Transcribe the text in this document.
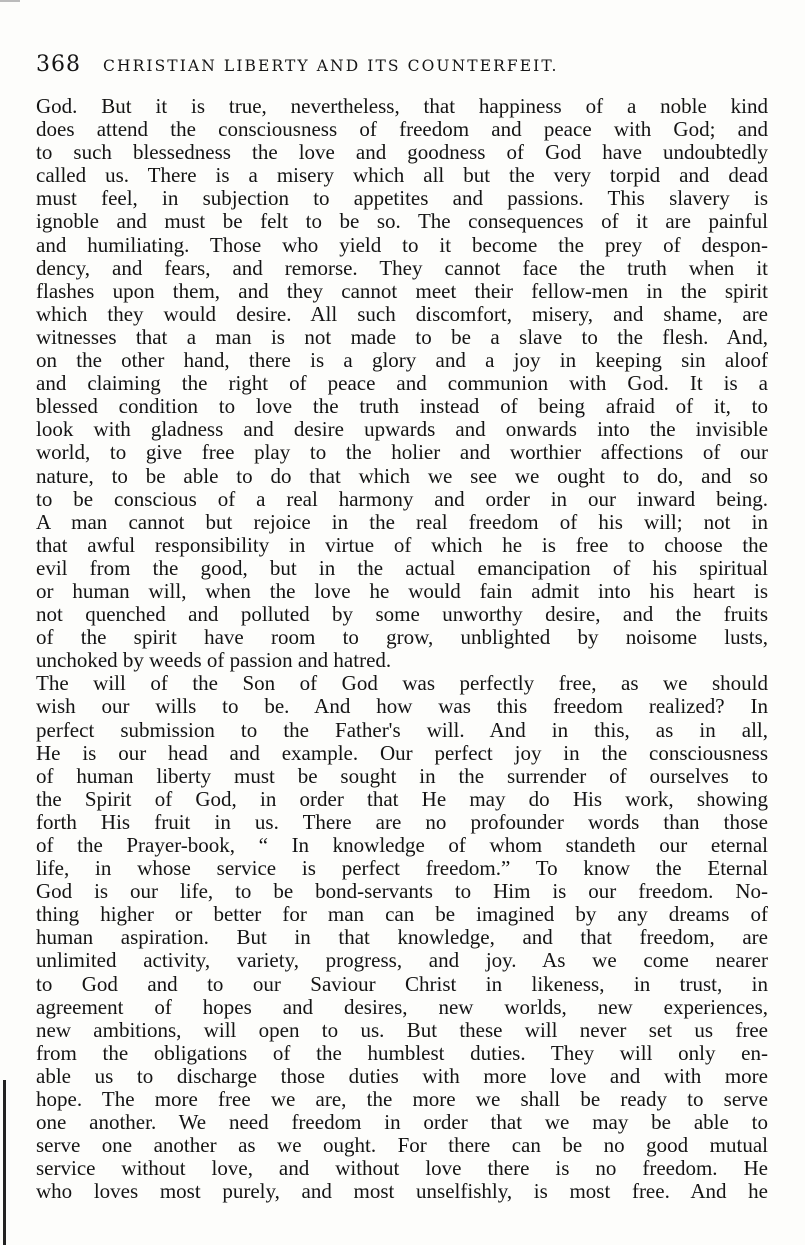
368 CHRISTIAN LIBERTY AND ITS COUNTERFEIT.
God. But it is true, nevertheless, that happiness of a noble kind
does attend the consciousness of freedom and peace with God; and
to such blessedness the love and goodness of God have undoubtedly
called us. There is a misery which all but the very torpid and dead
must feel, in subjection to appetites and passions. This slavery is
ignoble and must be felt to be so. The consequences of it are painful
and humiliating. Those who yield to it become the prey of despon-
dency, and fears, and remorse. They cannot face the truth when it
flashes upon them, and they cannot meet their fellow-men in the spirit
which they would desire. All such discomfort, misery, and shame, are
witnesses that a man is not made to be a slave to the flesh. And,
on the other hand, there is a glory and a joy in keeping sin aloof
and claiming the right of peace and communion with God. It is a
blessed condition to love the truth instead of being afraid of it, to
look with gladness and desire upwards and onwards into the invisible
world, to give free play to the holier and worthier affections of our
nature, to be able to do that which we see we ought to do, and so
to be conscious of a real harmony and order in our inward being.
A man cannot but rejoice in the real freedom of his will; not in
that awful responsibility in virtue of which he is free to choose the
evil from the good, but in the actual emancipation of his spiritual
or human will, when the love he would fain admit into his heart is
not quenched and polluted by some unworthy desire, and the fruits
of the spirit have room to grow, unblighted by noisome lusts,
unchoked by weeds of passion and hatred.
The will of the Son of God was perfectly free, as we should
wish our wills to be. And how was this freedom realized? In
perfect submission to the Father's will. And in this, as in all,
He is our head and example. Our perfect joy in the consciousness
of human liberty must be sought in the surrender of ourselves to
the Spirit of God, in order that He may do His work, showing
forth His fruit in us. There are no profounder words than those
of the Prayer-book, “ In knowledge of whom standeth our eternal
life, in whose service is perfect freedom.” To know the Eternal
God is our life, to be bond-servants to Him is our freedom. No-
thing higher or better for man can be imagined by any dreams of
human aspiration. But in that knowledge, and that freedom, are
unlimited activity, variety, progress, and joy. As we come nearer
to God and to our Saviour Christ in likeness, in trust, in
agreement of hopes and desires, new worlds, new experiences,
new ambitions, will open to us. But these will never set us free
from the obligations of the humblest duties. They will only en-
able us to discharge those duties with more love and with more
hope. The more free we are, the more we shall be ready to serve
one another. We need freedom in order that we may be able to
serve one another as we ought. For there can be no good mutual
service without love, and without love there is no freedom. He
who loves most purely, and most unselfishly, is most free. And he
